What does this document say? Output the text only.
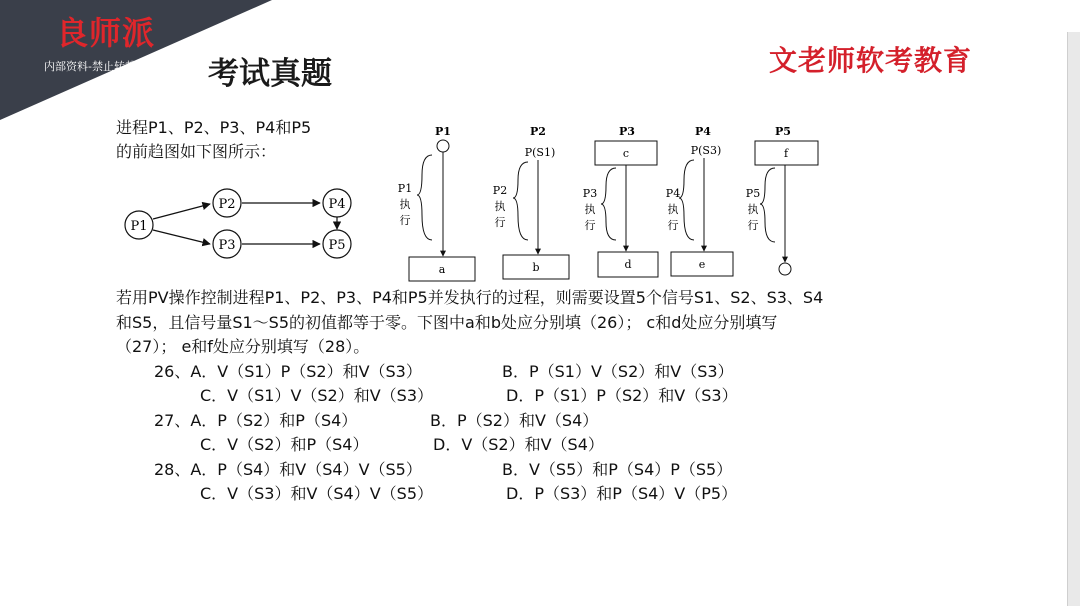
良师派
内部资料-禁止转载 考试真题	文老师软考教育
进程P1、P2、P3、P4和P5
的前趋图如下图所示：
P1
P2
P3
P4
P5
P1
P1
执
行
a
P2
P(S1)
P2
执
行
b
P3
c
P3
执
行
d
P4
P(S3)
P4
执
行
e
P5
f
P5
执
行
若用PV操作控制进程P1、P2、P3、P4和P5并发执行的过程，则需要设置5个信号S1、S2、S3、S4
和S5，且信号量S1～S5的初值都等于零。下图中a和b处应分别填（26）； c和d处应分别填写
（27）； e和f处应分别填写（28）。
26、A．V（S1）P（S2）和V（S3）	B．P（S1）V（S2）和V（S3）
C．V（S1）V（S2）和V（S3）	D．P（S1）P（S2）和V（S3）
27、A．P（S2）和P（S4）	B．P（S2）和V（S4）
C．V（S2）和P（S4）	D．V（S2）和V（S4）
28、A．P（S4）和V（S4）V（S5）	B．V（S5）和P（S4）P（S5）
C．V（S3）和V（S4）V（S5）	D．P（S3）和P（S4）V（P5）
